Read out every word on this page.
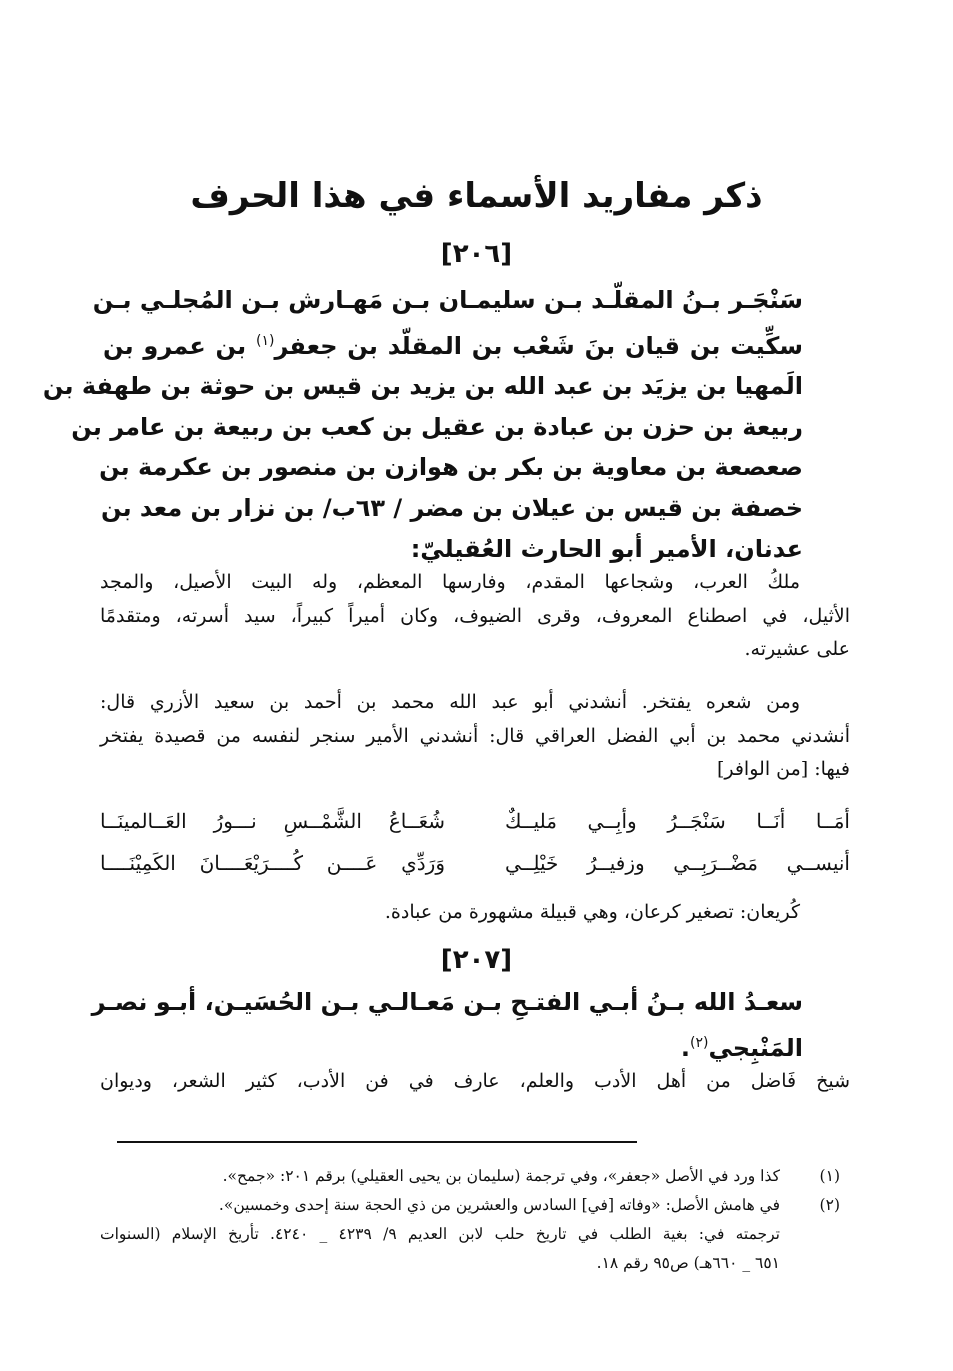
ذكر مفاريد الأسماء في هذا الحرف
[٢٠٦]
سَنْجَـر بـنُ المقلّـد بـن سليمـان بـن مَهـارش بـن المُجلـي بـن
سكِّيت بن قيان بنَ شَعْب بن المقلّد بن جعفر$^{(١)}$ بن عمرو بن
الَمهيا بن يزيَد بن عبد الله بن يزيد بن قيس بن حوثة بن طهفة بن
ربيعة بن حزن بن عبادة بن عقيل بن كعب بن ربيعة بن عامر بن
صعصعة بن معاوية بن بكر بن هوازن بن منصور بن عكرمة بن
خصفة بن قيس بن عيلان بن مضر / ٦٣ب/ بن نزار بن معد بن
عدنان، الأمير أبو الحارث العُقيليّ:
ملكُ العرب، وشجاعها المقدم، وفارسها المعظم، وله البيت الأصيل، والمجد
الأثيل، في اصطناع المعروف، وقرى الضيوف، وكان أميراً كبيراً، سيد أسرته، ومتقدمًا
على عشيرته.
ومن شعره يفتخر. أنشدني أبو عبد الله محمد بن أحمد بن سعيد الأزري قال:
أنشدني محمد بن أبي الفضل العراقي قال: أنشدني الأمير سنجر لنفسه من قصيدة يفتخر
فيها: [من الوافر]
أمَــا أنَــا سَنْجَــرُ وأبِــي مَليــكٌ
شُعَــاعُ الشَّمْــسِ نـــورُ العَــالمينَــا
أنيســي مَضْــرَبِــي وزفيــرُ خَيْلِــي
وَرَدِّي عَــــن كُــــرَيْعَــــانَ الكَمِيْنَــــا
كُريعان: تصغير كرعان، وهي قبيلة مشهورة من عبادة.
[٢٠٧]
سعـدُ الله بـنُ أبـي الفتـحِ بـن مَعـالـي بـن الحُسَيـن، أبـو نصـر
المَنْبِجي$^{(٢)}$.
شيخ فَاضل من أهل الأدب والعلم، عارف في فن الأدب، كثير الشعر، وديوان
(١)
كذا ورد في الأصل «جعفر»، وفي ترجمة (سليمان بن يحيى العقيلي) برقم ٢٠١: «جمح».
(٢)
في هامش الأصل: «وفاته [في] السادس والعشرين من ذي الحجة سنة إحدى وخمسين».
ترجمته في: بغية الطلب في تاريخ حلب لابن العديم ٩/ ٤٢٣٩ _ ٤٢٤٠. تأريخ الإسلام (السنوات
٦٥١ _ ٦٦٠هـ) ص٩٥ رقم ١٨.
